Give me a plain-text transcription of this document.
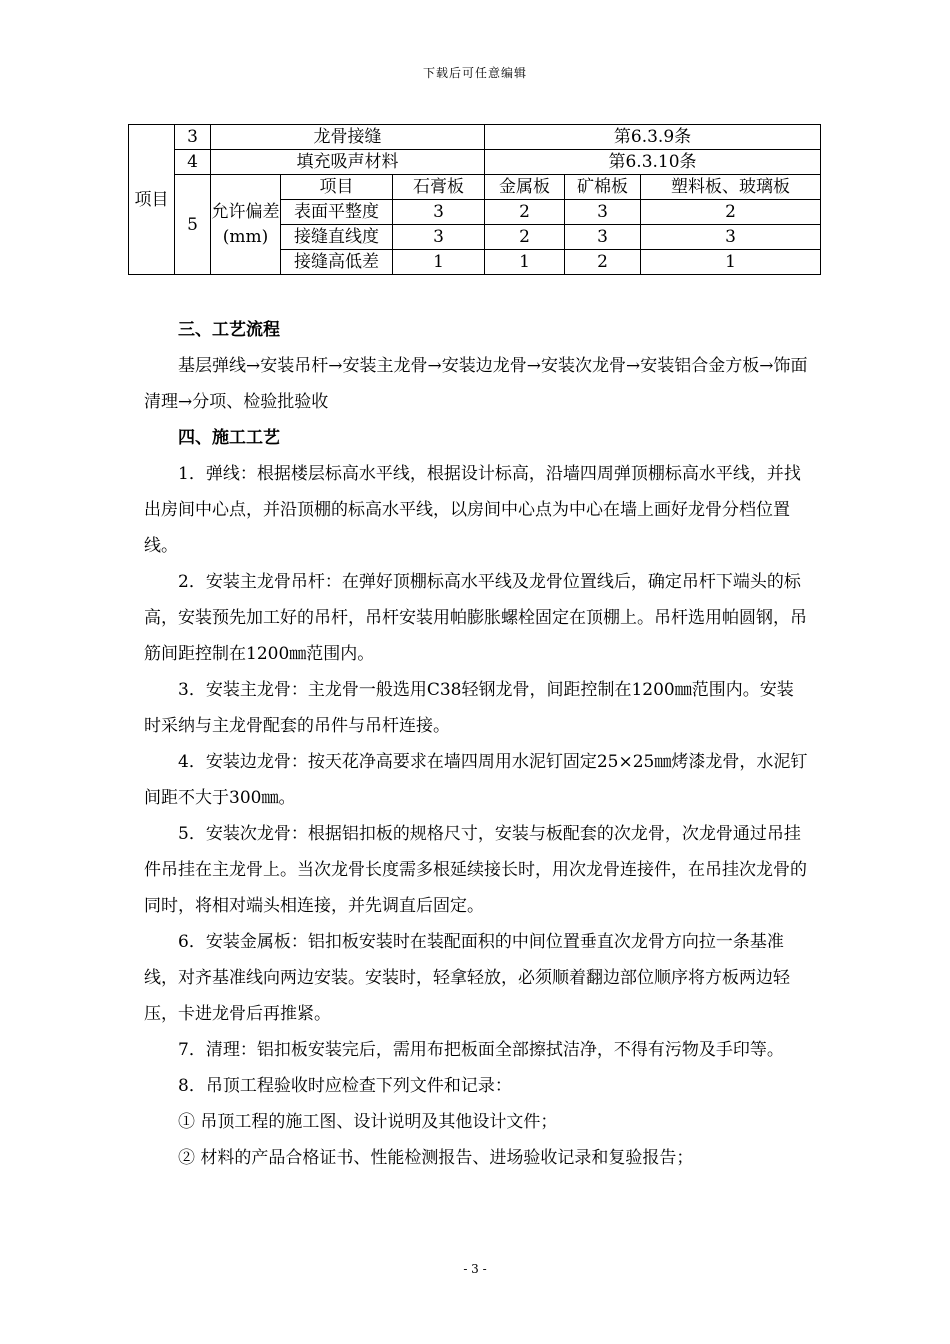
下载后可任意编辑
项目	3	龙骨接缝			第6.3.9条		
	4	填充吸声材料			第6.3.10条		
	5	允许偏差(mm)	项目	石膏板	金属板	矿棉板	塑料板、玻璃板
			表面平整度	3	2	3	2
			接缝直线度	3	2	3	3
			接缝高低差	1	1	2	1

三、工艺流程

基层弹线→安装吊杆→安装主龙骨→安装边龙骨→安装次龙骨→安装铝合金方板→饰面清理→分项、检验批验收

四、施工工艺

1．弹线：根据楼层标高水平线，根据设计标高，沿墙四周弹顶棚标高水平线，并找出房间中心点，并沿顶棚的标高水平线，以房间中心点为中心在墙上画好龙骨分档位置线。

2．安装主龙骨吊杆：在弹好顶棚标高水平线及龙骨位置线后，确定吊杆下端头的标高，安装预先加工好的吊杆，吊杆安装用帕膨胀螺栓固定在顶棚上。吊杆选用帕圆钢，吊筋间距控制在1200㎜范围内。

3．安装主龙骨：主龙骨一般选用C38轻钢龙骨，间距控制在1200㎜范围内。安装时采纳与主龙骨配套的吊件与吊杆连接。

4．安装边龙骨：按天花净高要求在墙四周用水泥钉固定25×25㎜烤漆龙骨，水泥钉间距不大于300㎜。

5．安装次龙骨：根据铝扣板的规格尺寸，安装与板配套的次龙骨，次龙骨通过吊挂件吊挂在主龙骨上。当次龙骨长度需多根延续接长时，用次龙骨连接件，在吊挂次龙骨的同时，将相对端头相连接，并先调直后固定。

6．安装金属板：铝扣板安装时在装配面积的中间位置垂直次龙骨方向拉一条基准线，对齐基准线向两边安装。安装时，轻拿轻放，必须顺着翻边部位顺序将方板两边轻压，卡进龙骨后再推紧。

7．清理：铝扣板安装完后，需用布把板面全部擦拭洁净，不得有污物及手印等。

8．吊顶工程验收时应检查下列文件和记录：

① 吊顶工程的施工图、设计说明及其他设计文件；

② 材料的产品合格证书、性能检测报告、进场验收记录和复验报告；

- 3 -
